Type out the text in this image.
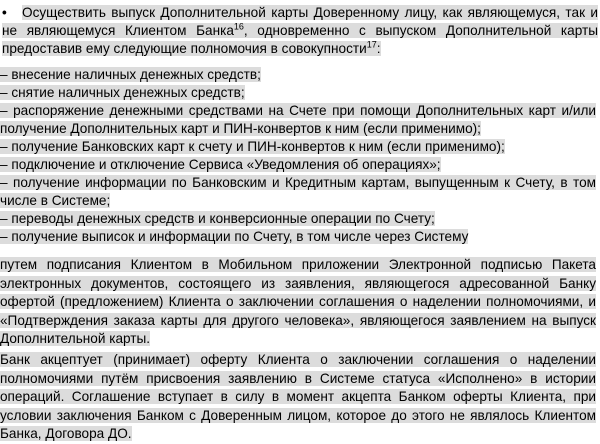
• Осуществить выпуск Дополнительной карты Доверенному лицу, как являющемуся, так и не являющемуся Клиентом Банка$^{16}$, одновременно с выпуском Дополнительной карты предоставив ему следующие полномочия в совокупности$^{17}$:
– внесение наличных денежных средств;
– снятие наличных денежных средств;
– распоряжение денежными средствами на Счете при помощи Дополнительных карт и/или получение Дополнительных карт и ПИН-конвертов к ним (если применимо);
– получение Банковских карт к счету и ПИН-конвертов к ним (если применимо);
– подключение и отключение Сервиса «Уведомления об операциях»;
– получение информации по Банковским и Кредитным картам, выпущенным к Счету, в том числе в Системе;
– переводы денежных средств и конверсионные операции по Счету;
– получение выписок и информации по Счету, в том числе через Систему
путем подписания Клиентом в Мобильном приложении Электронной подписью Пакета электронных документов, состоящего из заявления, являющегося адресованной Банку офертой (предложением) Клиента о заключении соглашения о наделении полномочиями, и «Подтверждения заказа карты для другого человека», являющегося заявлением на выпуск Дополнительной карты.
Банк акцептует (принимает) оферту Клиента о заключении соглашения о наделении полномочиями путём присвоения заявлению в Системе статуса «Исполнено» в истории операций. Соглашение вступает в силу в момент акцепта Банком оферты Клиента, при условии заключения Банком с Доверенным лицом, которое до этого не являлось Клиентом Банка, Договора ДО.
